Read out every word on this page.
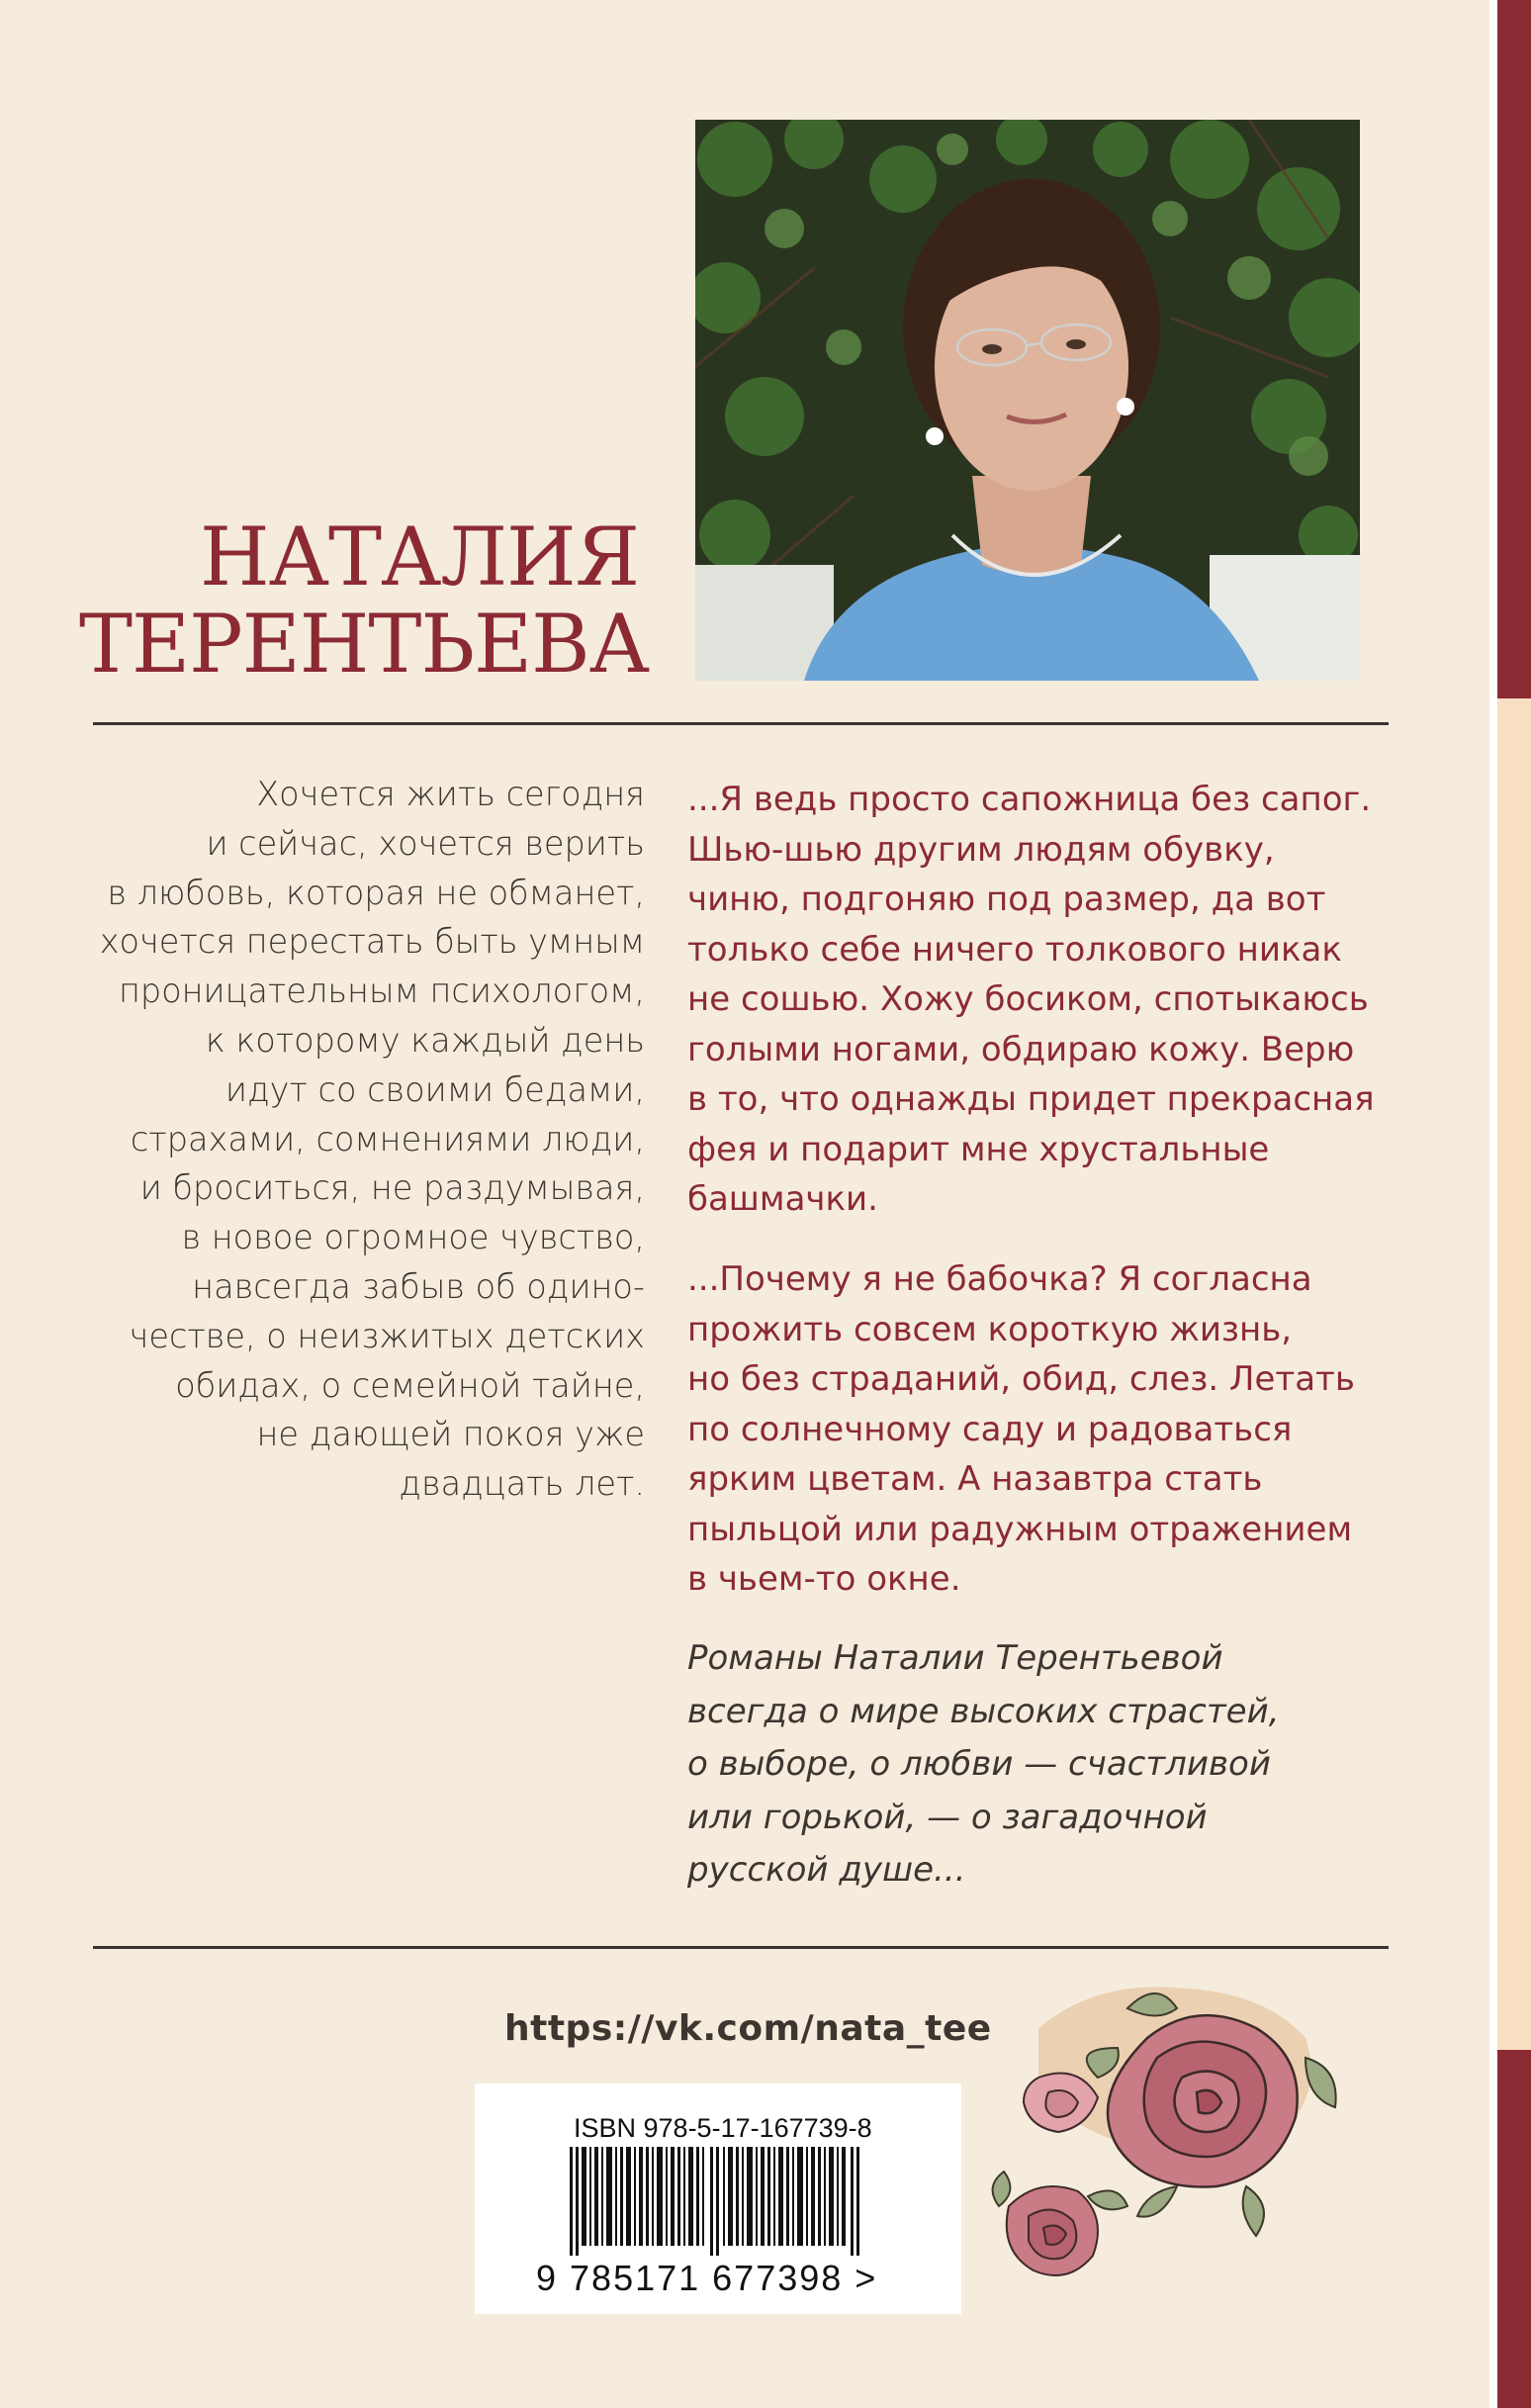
НАТАЛИЯ
ТЕРЕНТЬЕВА
Хочется жить сегодня
и сейчас, хочется верить
в любовь, которая не обманет,
хочется перестать быть умным
проницательным психологом,
к которому каждый день
идут со своими бедами,
страхами, сомнениями люди,
и броситься, не раздумывая,
в новое огромное чувство,
навсегда забыв об одино-
честве, о неизжитых детских
обидах, о семейной тайне,
не дающей покоя уже
двадцать лет.
...Я ведь просто сапожница без сапог.
Шью-шью другим людям обувку,
чиню, подгоняю под размер, да вот
только себе ничего толкового никак
не сошью. Хожу босиком, спотыкаюсь
голыми ногами, обдираю кожу. Верю
в то, что однажды придет прекрасная
фея и подарит мне хрустальные
башмачки.
...Почему я не бабочка? Я согласна
прожить совсем короткую жизнь,
но без страданий, обид, слез. Летать
по солнечному саду и радоваться
ярким цветам. А назавтра стать
пыльцой или радужным отражением
в чьем-то окне.
Романы Наталии Терентьевой
всегда о мире высоких страстей,
о выборе, о любви — счастливой
или горькой, — о загадочной
русской душе...
https://vk.com/nata_tee
ISBN 978-5-17-167739-8
9 785171 677398 >
